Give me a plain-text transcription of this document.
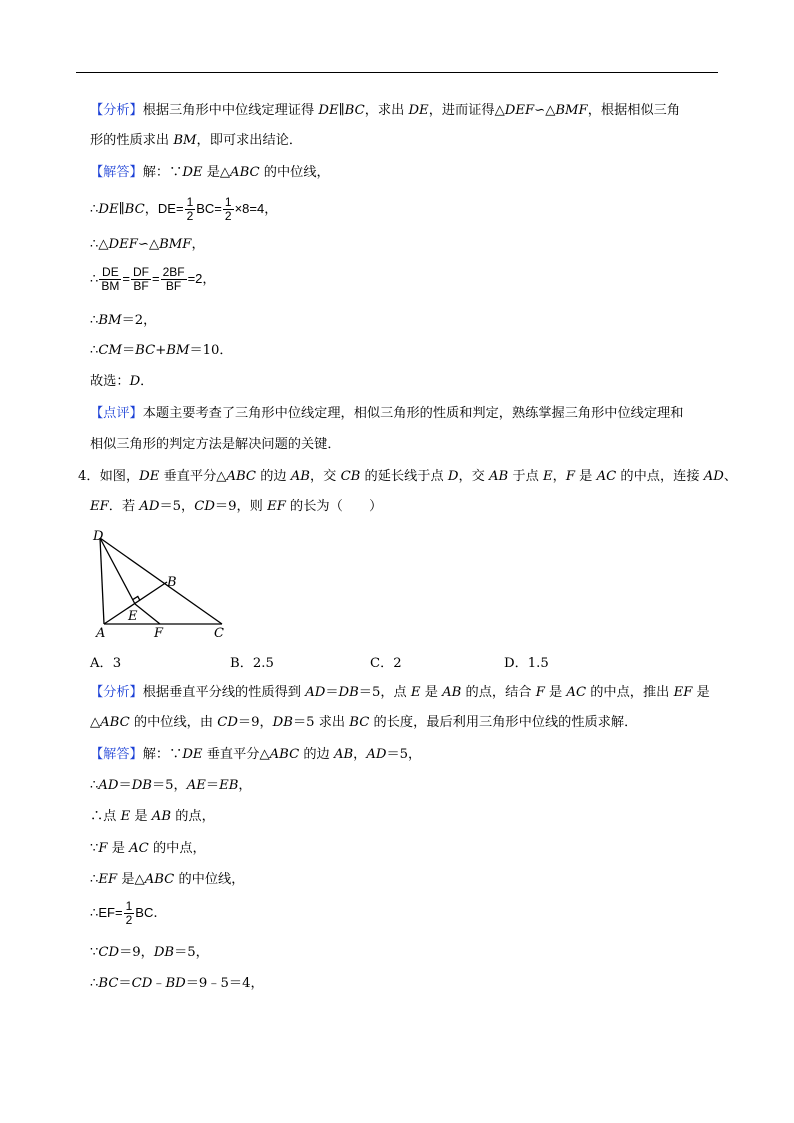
【分析】根据三角形中中位线定理证得 DE∥BC，求出 DE，进而证得△DEF∽△BMF，根据相似三角
形的性质求出 BM，即可求出结论．
【解答】解：∵DE 是△ABC 的中位线，
∴DE∥BC，$DE= \frac{1}{2} BC= \frac{1}{2} \times 8=4$，
∴△DEF∽△BMF，
∴ $\frac{DE}{BM} = \frac{DF}{BF} = \frac{2BF}{BF} =2$，
∴BM＝2，
∴CM＝BC+BM＝10．
故选：D．
【点评】本题主要考查了三角形中位线定理，相似三角形的性质和判定，熟练掌握三角形中位线定理和
相似三角形的判定方法是解决问题的关键．
4．如图，DE 垂直平分△ABC 的边 AB，交 CB 的延长线于点 D，交 AB 于点 E，F 是 AC 的中点，连接 AD、
EF．若 AD＝5，CD＝9，则 EF 的长为（　　）
D
B
E
A	F	C
A．3	B．2.5	C．2	D．1.5
【分析】根据垂直平分线的性质得到 AD＝DB＝5，点 E 是 AB 的点，结合 F 是 AC 的中点，推出 EF 是
△ABC 的中位线，由 CD＝9，DB＝5 求出 BC 的长度，最后利用三角形中位线的性质求解．
【解答】解：∵DE 垂直平分△ABC 的边 AB，AD＝5，
∴AD＝DB＝5，AE＝EB，
∴点 E 是 AB 的点，
∵F 是 AC 的中点，
∴EF 是△ABC 的中位线，
∴EF= $\frac{1}{2}$ BC.
∵CD＝9，DB＝5，
∴BC＝CD﹣BD＝9﹣5＝4，
